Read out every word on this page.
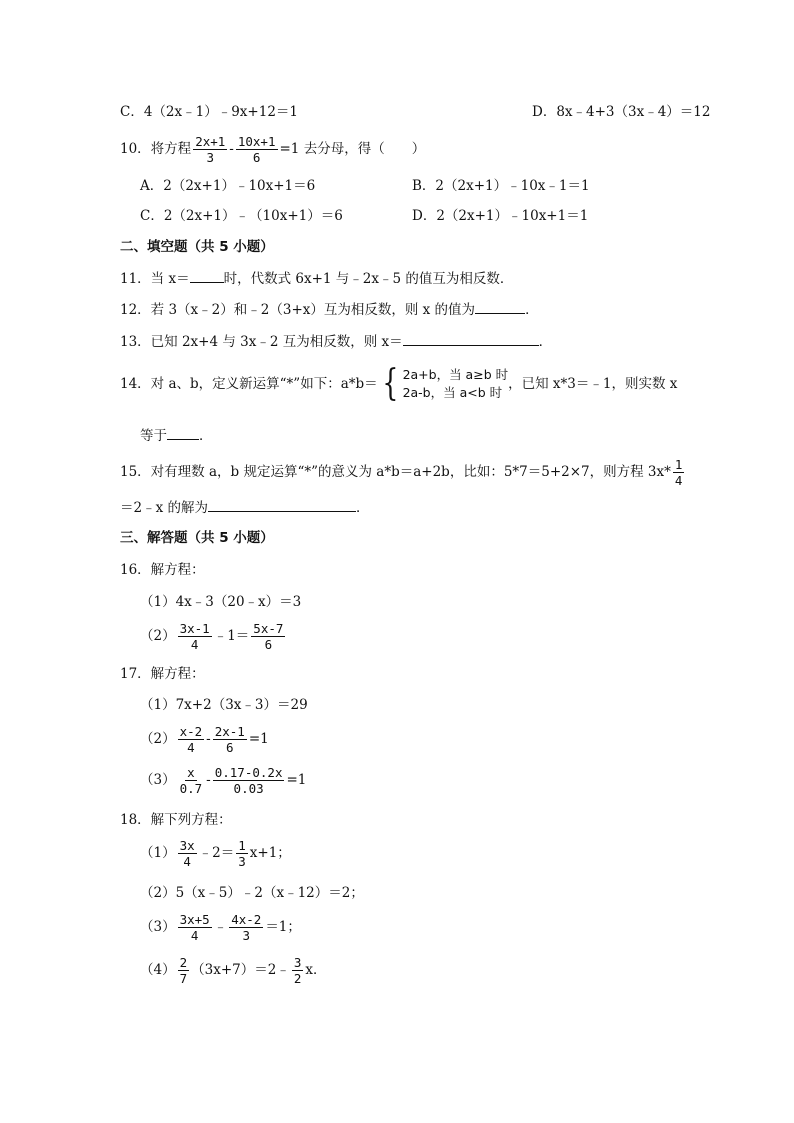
C．4（2x﹣1）﹣9x+12＝1	D．8x﹣4+3（3x﹣4）＝12
10．将方程 $\frac{2x+1}{3} - \frac{10x+1}{6} =1$ 去分母，得（　　）
A．2（2x+1）﹣10x+1＝6	B．2（2x+1）﹣10x﹣1＝1
C．2（2x+1）﹣（10x+1）＝6	D．2（2x+1）﹣10x+1＝1
二、填空题（共 5 小题）
11．当 x＝	时，代数式 6x+1 与﹣2x﹣5 的值互为相反数．
12．若 3（x﹣2）和﹣2（3+x）互为相反数，则 x 的值为	．
13．已知 2x+4 与 3x﹣2 互为相反数，则 x＝	．
14．对 a、b，定义新运算“*”如下：a*b＝ { 2a+b，当 a≥b 时
2a-b，当 a<b 时
，已知 x*3＝﹣1，则实数 x
等于 ．
15．对有理数 a，b 规定运算“*”的意义为 a*b＝a+2b，比如：5*7＝5+2×7，则方程 $3x* \frac{1}{4}$
＝2﹣x 的解为	．
三、解答题（共 5 小题）
16．解方程：
（1）4x﹣3（20﹣x）＝3
$(2) \frac{3x-1}{4}$ ﹣1＝ $\frac{5x-7}{6}$
17．解方程：
（1）7x+2（3x﹣3）＝29
$(2) \frac{x-2}{4} - \frac{2x-1}{6} =1$
$(3) \frac{x}{0.7} - \frac{0.17-0.2x}{0.03} =1$
18．解下列方程：
$(1) \frac{3x}{4}$ ﹣2＝ $\frac{1}{3} x+1$；
（2）5（x﹣5）﹣2（x﹣12）＝2；
$(3) \frac{3x+5}{4}$ ﹣ $\frac{4x-2}{3} =1$；
$(4) \frac{2}{7}$ （3x+7）＝2﹣ $\frac{3}{2}$ x．
